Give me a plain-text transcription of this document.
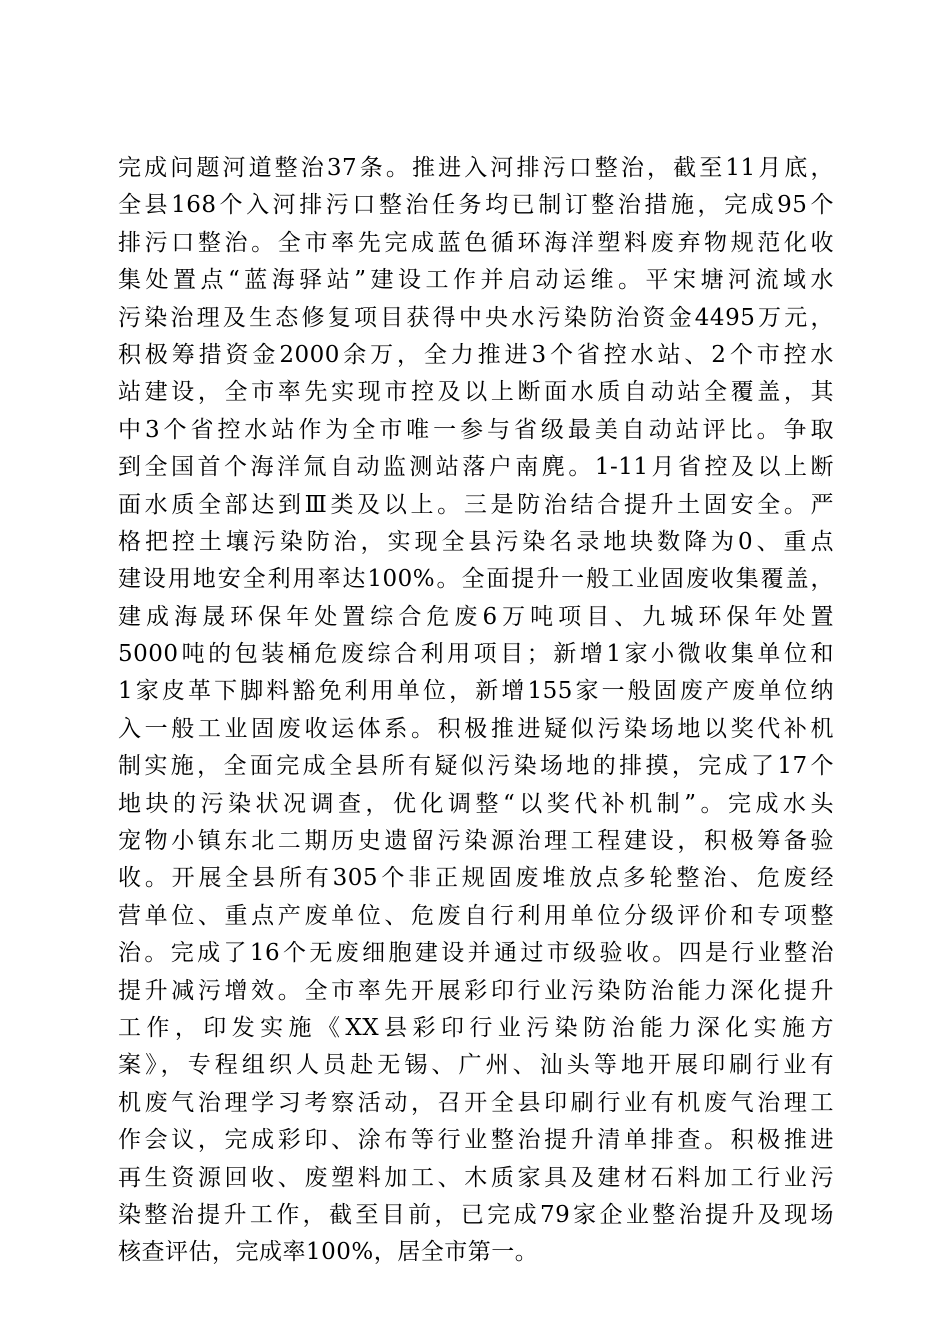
完成问题河道整治37条。推进入河排污口整治，截至11月底，
全县168个入河排污口整治任务均已制订整治措施，完成95个
排污口整治。全市率先完成蓝色循环海洋塑料废弃物规范化收
集处置点“蓝海驿站”建设工作并启动运维。平宋塘河流域水
污染治理及生态修复项目获得中央水污染防治资金4495万元，
积极筹措资金2000余万，全力推进3个省控水站、2个市控水
站建设，全市率先实现市控及以上断面水质自动站全覆盖，其
中3个省控水站作为全市唯一参与省级最美自动站评比。争取
到全国首个海洋氚自动监测站落户南麂。1-11月省控及以上断
面水质全部达到Ⅲ类及以上。三是防治结合提升土固安全。严
格把控土壤污染防治，实现全县污染名录地块数降为0、重点
建设用地安全利用率达100%。全面提升一般工业固废收集覆盖，
建成海晟环保年处置综合危废6万吨项目、九城环保年处置
5000吨的包装桶危废综合利用项目；新增1家小微收集单位和
1家皮革下脚料豁免利用单位，新增155家一般固废产废单位纳
入一般工业固废收运体系。积极推进疑似污染场地以奖代补机
制实施，全面完成全县所有疑似污染场地的排摸，完成了17个
地块的污染状况调查，优化调整“以奖代补机制”。完成水头
宠物小镇东北二期历史遗留污染源治理工程建设，积极筹备验
收。开展全县所有305个非正规固废堆放点多轮整治、危废经
营单位、重点产废单位、危废自行利用单位分级评价和专项整
治。完成了16个无废细胞建设并通过市级验收。四是行业整治
提升减污增效。全市率先开展彩印行业污染防治能力深化提升
工作，印发实施《XX县彩印行业污染防治能力深化实施方
案》，专程组织人员赴无锡、广州、汕头等地开展印刷行业有
机废气治理学习考察活动，召开全县印刷行业有机废气治理工
作会议，完成彩印、涂布等行业整治提升清单排查。积极推进
再生资源回收、废塑料加工、木质家具及建材石料加工行业污
染整治提升工作，截至目前，已完成79家企业整治提升及现场
核查评估，完成率100%，居全市第一。
